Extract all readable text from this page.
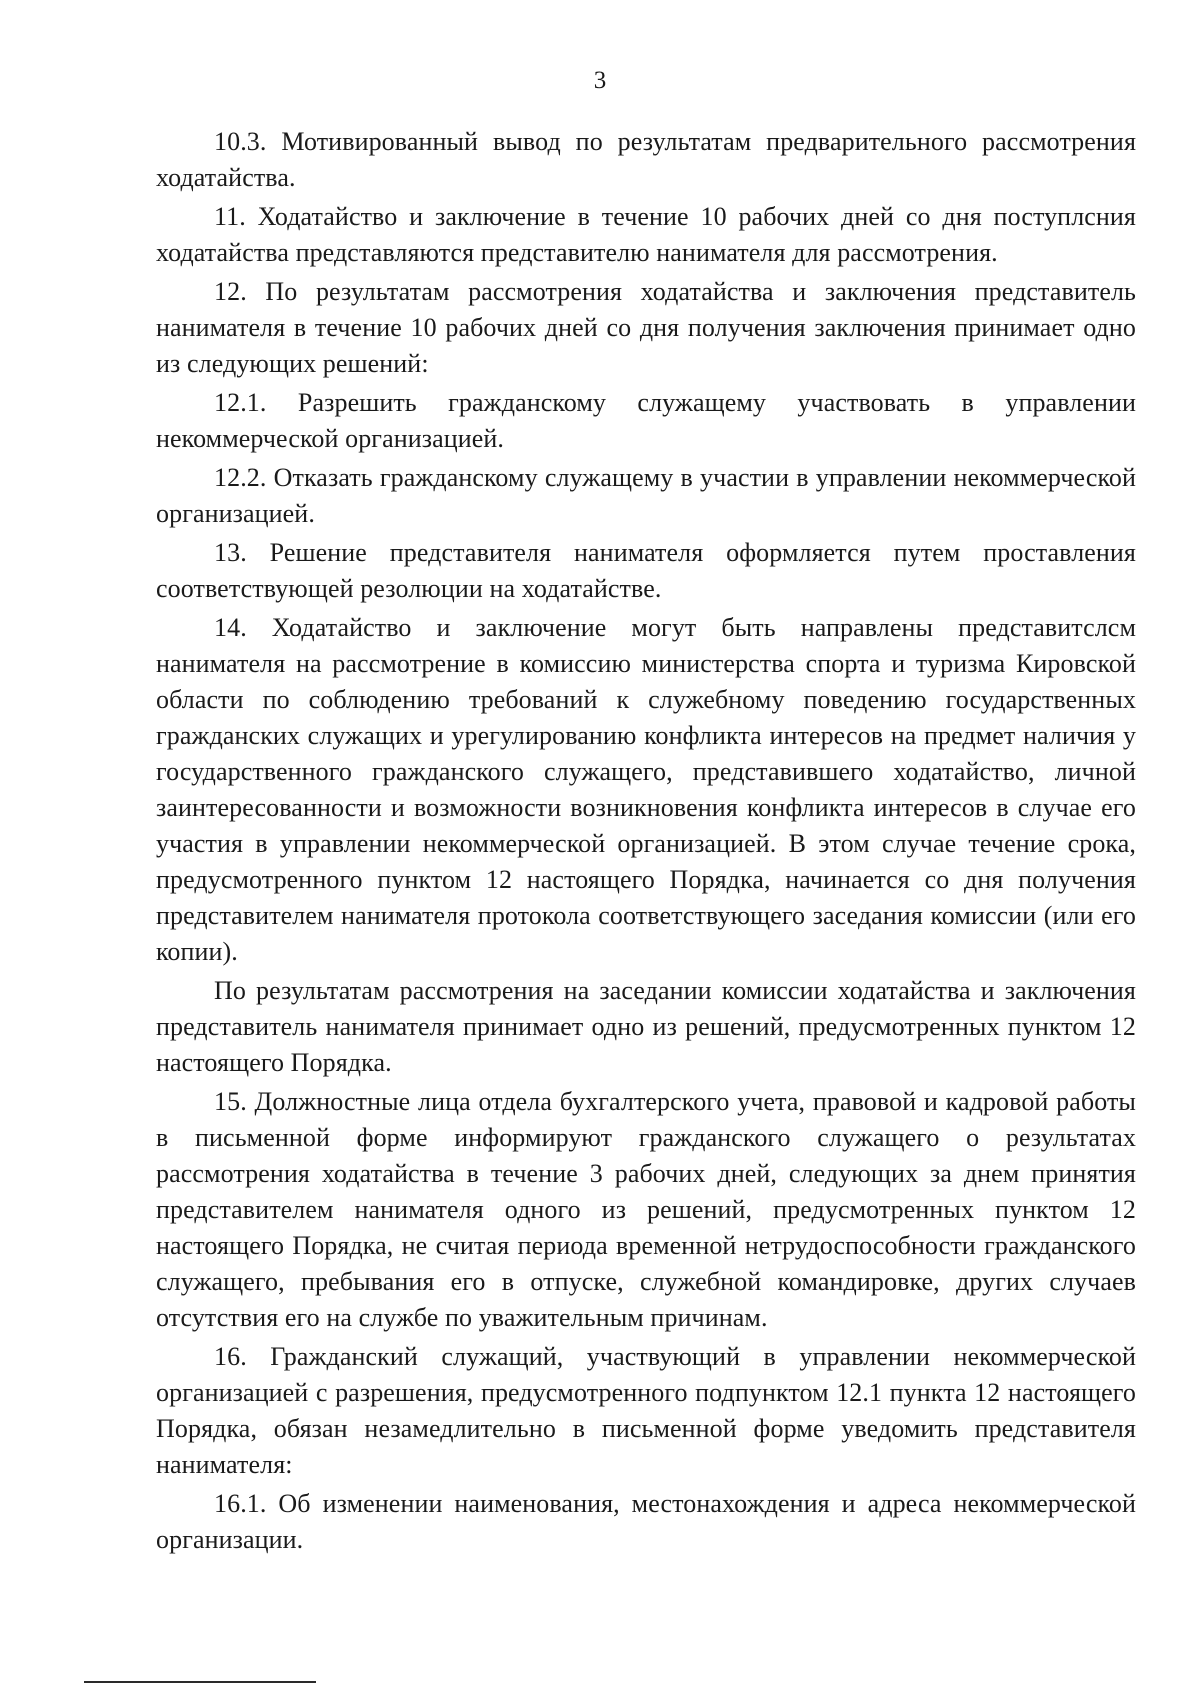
3

10.3. Мотивированный вывод по результатам предварительного рассмотрения ходатайства.

11. Ходатайство и заключение в течение 10 рабочих дней со дня поступлсния ходатайства представляются представителю нанимателя для рассмотрения.

12. По результатам рассмотрения ходатайства и заключения представитель нанимателя в течение 10 рабочих дней со дня получения заключения принимает одно из следующих решений:

12.1. Разрешить гражданскому служащему участвовать в управлении некоммерческой организацией.

12.2. Отказать гражданскому служащему в участии в управлении некоммерческой организацией.

13. Решение представителя нанимателя оформляется путем проставления соответствующей резолюции на ходатайстве.

14. Ходатайство и заключение могут быть направлены представитслсм нанимателя на рассмотрение в комиссию министерства спорта и туризма Кировской области по соблюдению требований к служебному поведению государственных гражданских служащих и урегулированию конфликта интересов на предмет наличия у государственного гражданского служащего, представившего ходатайство, личной заинтересованности и возможности возникновения конфликта интересов в случае его участия в управлении некоммерческой организацией. В этом случае течение срока, предусмотренного пунктом 12 настоящего Порядка, начинается со дня получения представителем нанимателя протокола соответствующего заседания комиссии (или его копии).

По результатам рассмотрения на заседании комиссии ходатайства и заключения представитель нанимателя принимает одно из решений, предусмотренных пунктом 12 настоящего Порядка.

15. Должностные лица отдела бухгалтерского учета, правовой и кадровой работы в письменной форме информируют гражданского служащего о результатах рассмотрения ходатайства в течение 3 рабочих дней, следующих за днем принятия представителем нанимателя одного из решений, предусмотренных пунктом 12 настоящего Порядка, не считая периода временной нетрудоспособности гражданского служащего, пребывания его в отпуске, служебной командировке, других случаев отсутствия его на службе по уважительным причинам.

16. Гражданский служащий, участвующий в управлении некоммерческой организацией с разрешения, предусмотренного подпунктом 12.1 пункта 12 настоящего Порядка, обязан незамедлительно в письменной форме уведомить представителя нанимателя:

16.1. Об изменении наименования, местонахождения и адреса некоммерческой организации.
